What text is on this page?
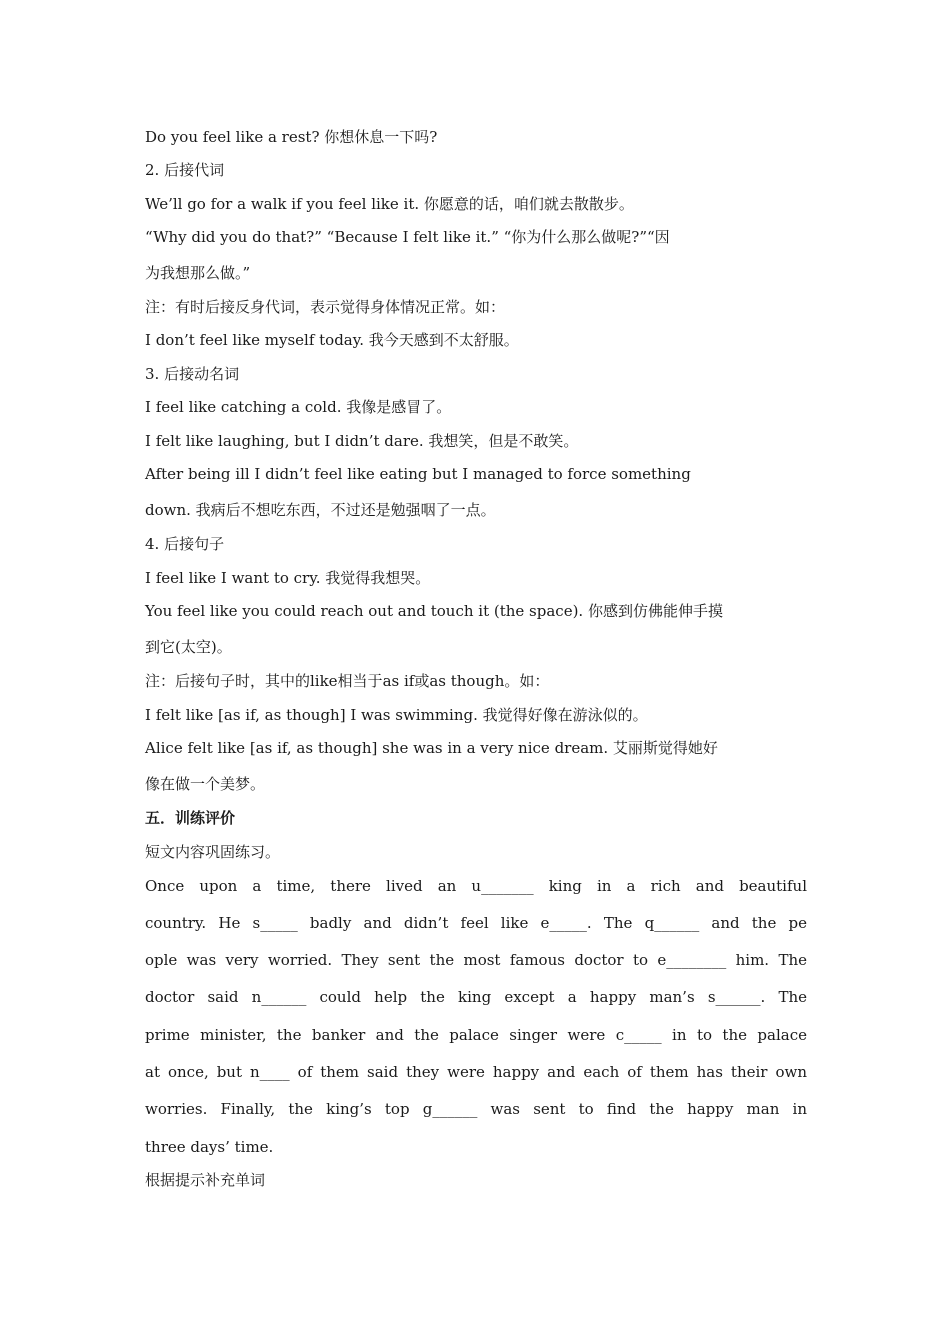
Do you feel like a rest? 你想休息一下吗?
2. 后接代词
We’ll go for a walk if you feel like it. 你愿意的话，咱们就去散散步。
“Why did you do that?” “Because I felt like it.” “你为什么那么做呢?”“因
为我想那么做。”
注：有时后接反身代词，表示觉得身体情况正常。如：
I don’t feel like myself today. 我今天感到不太舒服。
3. 后接动名词
I feel like catching a cold. 我像是感冒了。
I felt like laughing, but I didn’t dare. 我想笑，但是不敢笑。
After being ill I didn’t feel like eating but I managed to force something
down. 我病后不想吃东西，不过还是勉强咽了一点。
4. 后接句子
I feel like I want to cry. 我觉得我想哭。
You feel like you could reach out and touch it (the space). 你感到仿佛能伸手摸
到它(太空)。
注：后接句子时，其中的like相当于as if或as though。如：
I felt like [as if, as though] I was swimming. 我觉得好像在游泳似的。
Alice felt like [as if, as though] she was in a very nice dream. 艾丽斯觉得她好
像在做一个美梦。
五．训练评价
短文内容巩固练习。
Once upon a time, there lived an u_______ king in a rich and beautiful
country. He s_____ badly and didn’t feel like e_____. The q______ and the pe
ople was very worried. They sent the most famous doctor to e________ him. The
doctor said n______ could help the king except a happy man’s s______. The
prime minister, the banker and the palace singer were c_____ in to the palace
at once, but n____ of them said they were happy and each of them has their own
worries. Finally, the king’s top g______ was sent to find the happy man in
three days’ time.
根据提示补充单词
